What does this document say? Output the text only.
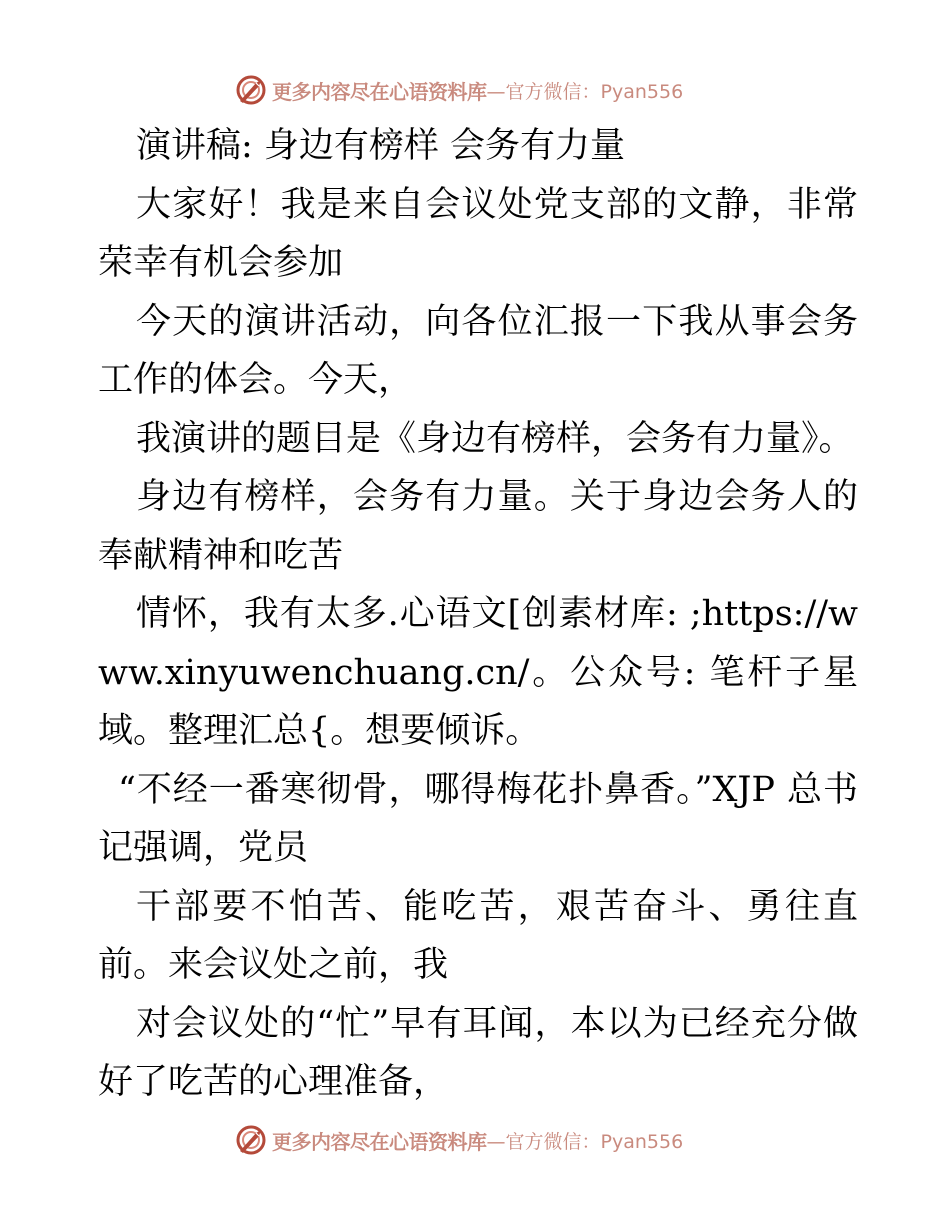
更多内容尽在心语资料库 —官方微信：Pyan556

演讲稿: 身边有榜样 会务有力量

大家好！我是来自会议处党支部的文静，非常荣幸有机会参加

今天的演讲活动，向各位汇报一下我从事会务工作的体会。今天，

我演讲的题目是《身边有榜样，会务有力量》。

身边有榜样，会务有力量。关于身边会务人的奉献精神和吃苦

情怀，我有太多.心语文[创素材库: ;https://www.xinyuwenchuang.cn/。公众号: 笔杆子星域。整理汇总{。想要倾诉。

“不经一番寒彻骨，哪得梅花扑鼻香。”XJP 总书记强调，党员

干部要不怕苦、能吃苦，艰苦奋斗、勇往直前。来会议处之前，我

对会议处的“忙”早有耳闻，本以为已经充分做好了吃苦的心理准备，

更多内容尽在心语资料库 —官方微信：Pyan556
